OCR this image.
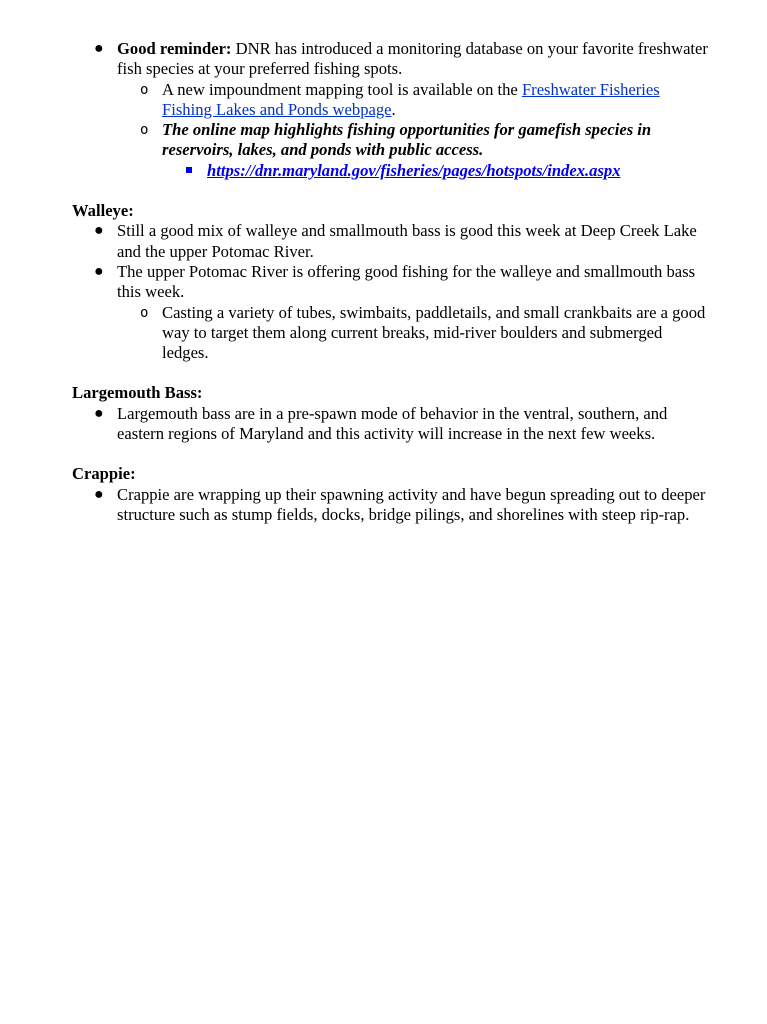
● Good reminder: DNR has introduced a monitoring database on your favorite freshwater fish species at your preferred fishing spots.
o A new impoundment mapping tool is available on the Freshwater Fisheries Fishing Lakes and Ponds webpage.
o The online map highlights fishing opportunities for gamefish species in reservoirs, lakes, and ponds with public access.
https://dnr.maryland.gov/fisheries/pages/hotspots/index.aspx
Walleye:
● Still a good mix of walleye and smallmouth bass is good this week at Deep Creek Lake and the upper Potomac River.
● The upper Potomac River is offering good fishing for the walleye and smallmouth bass this week.
o Casting a variety of tubes, swimbaits, paddletails, and small crankbaits are a good way to target them along current breaks, mid-river boulders and submerged ledges.
Largemouth Bass:
● Largemouth bass are in a pre-spawn mode of behavior in the ventral, southern, and eastern regions of Maryland and this activity will increase in the next few weeks.
Crappie:
● Crappie are wrapping up their spawning activity and have begun spreading out to deeper structure such as stump fields, docks, bridge pilings, and shorelines with steep rip-rap.
